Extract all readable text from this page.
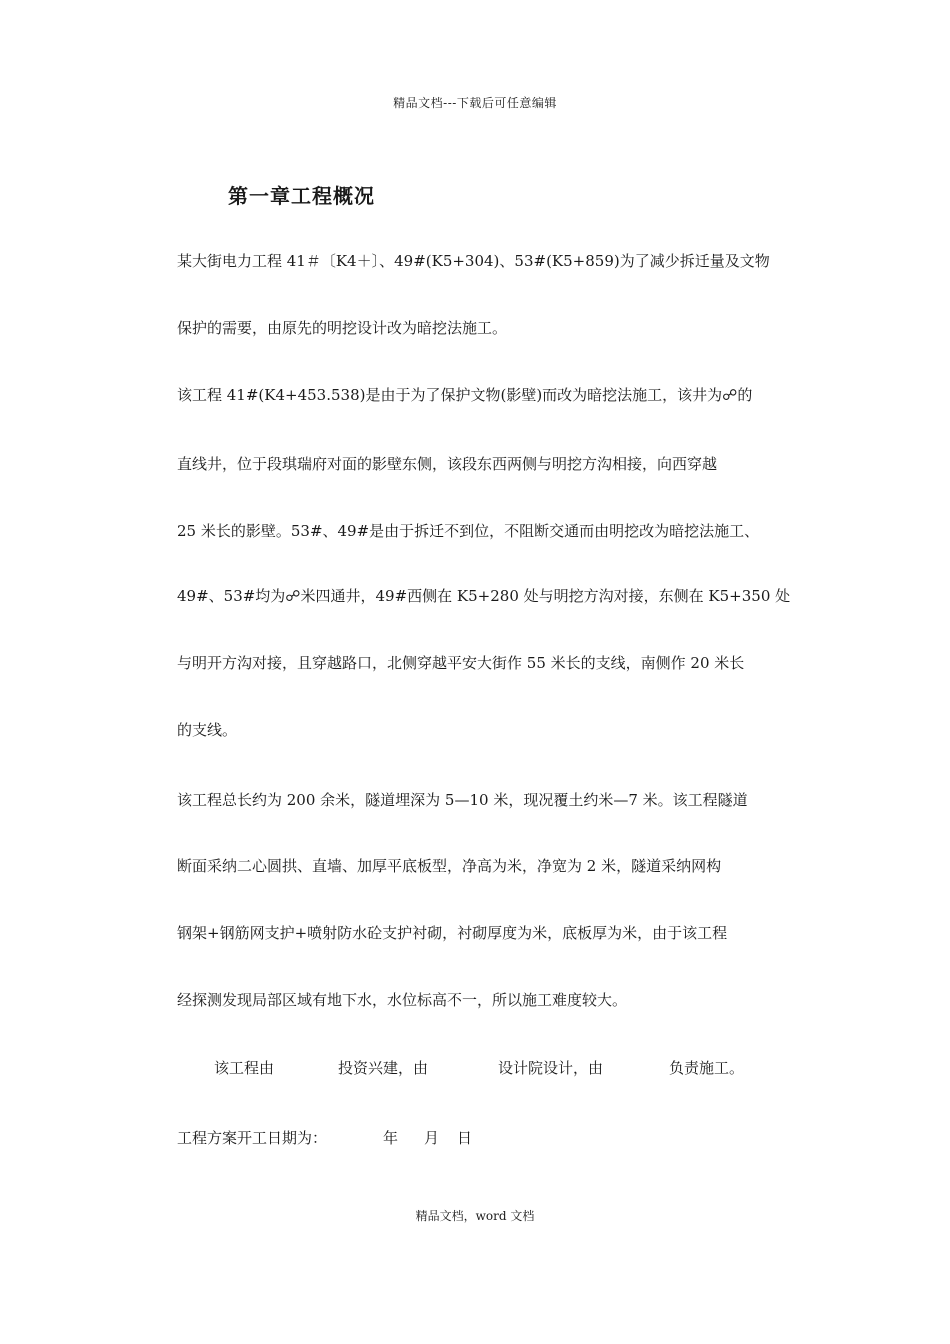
精品文档---下载后可任意编辑
第一章工程概况
某大街电力工程 41＃〔K4＋〕、49#(K5+304)、53#(K5+859)为了减少拆迁量及文物
保护的需要，由原先的明挖设计改为暗挖法施工。
该工程 41#(K4+453.538)是由于为了保护文物(影壁)而改为暗挖法施工，该井为☍的
直线井，位于段琪瑞府对面的影壁东侧，该段东西两侧与明挖方沟相接，向西穿越
25 米长的影壁。53#、49#是由于拆迁不到位，不阻断交通而由明挖改为暗挖法施工、
49#、53#均为☍米四通井，49#西侧在 K5+280 处与明挖方沟对接，东侧在 K5+350 处
与明开方沟对接，且穿越路口，北侧穿越平安大街作 55 米长的支线，南侧作 20 米长
的支线。
该工程总长约为 200 余米，隧道埋深为 5—10 米，现况覆土约米—7 米。该工程隧道
断面采纳二心圆拱、直墙、加厚平底板型，净高为米，净宽为 2 米，隧道采纳网构
钢架+钢筋网支护+喷射防水砼支护衬砌，衬砌厚度为米，底板厚为米，由于该工程
经探测发现局部区域有地下水，水位标高不一，所以施工难度较大。
该工程由	投资兴建，由	设计院设计，由	负责施工。
工程方案开工日期为：	年 月 日
精品文档，word 文档
